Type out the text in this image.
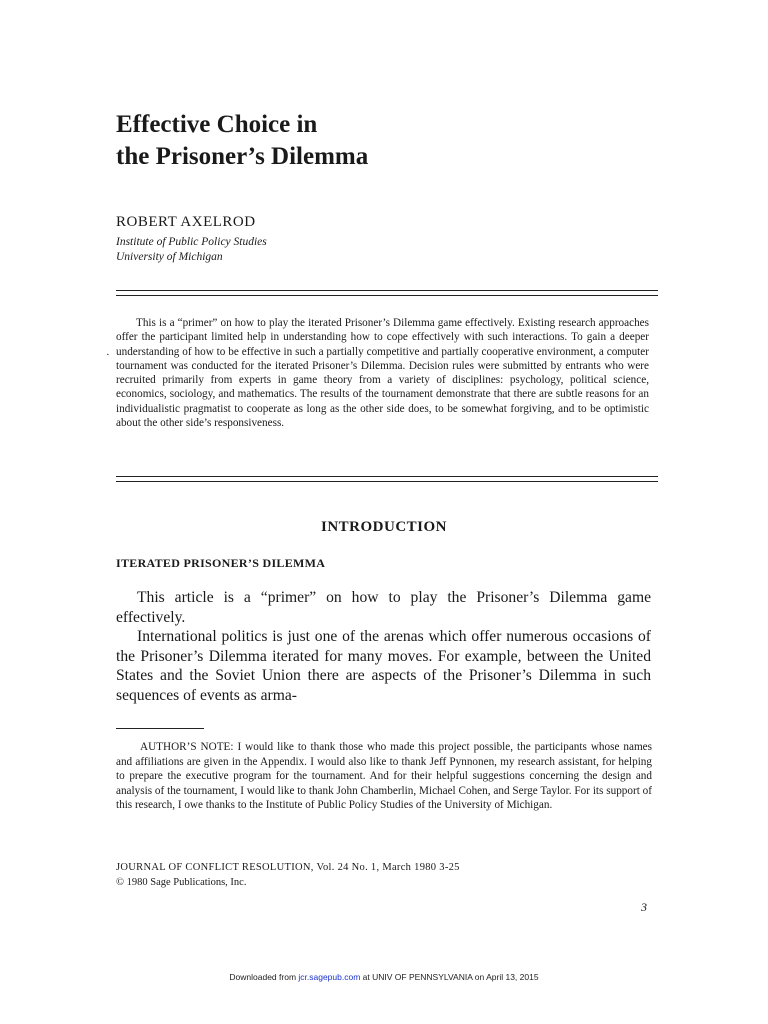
Effective Choice in
the Prisoner’s Dilemma
ROBERT AXELROD
Institute of Public Policy Studies
University of Michigan
·

This is a “primer” on how to play the iterated Prisoner’s Dilemma game effectively. Existing research approaches offer the participant limited help in understanding how to cope effectively with such interactions. To gain a deeper understanding of how to be effective in such a partially competitive and partially cooperative environment, a computer tournament was conducted for the iterated Prisoner’s Dilemma. Decision rules were submitted by entrants who were recruited primarily from experts in game theory from a variety of disciplines: psychology, political science, economics, sociology, and mathematics. The results of the tournament demonstrate that there are subtle reasons for an individualistic pragmatist to cooperate as long as the other side does, to be somewhat forgiving, and to be optimistic about the other side’s responsiveness.

INTRODUCTION
ITERATED PRISONER’S DILEMMA

This article is a “primer” on how to play the Prisoner’s Dilemma game effectively.

International politics is just one of the arenas which offer numerous occasions of the Prisoner’s Dilemma iterated for many moves. For example, between the United States and the Soviet Union there are aspects of the Prisoner’s Dilemma in such sequences of events as arma-

AUTHOR’S NOTE: I would like to thank those who made this project possible, the participants whose names and affiliations are given in the Appendix. I would also like to thank Jeff Pynnonen, my research assistant, for helping to prepare the executive program for the tournament. And for their helpful suggestions concerning the design and analysis of the tournament, I would like to thank John Chamberlin, Michael Cohen, and Serge Taylor. For its support of this research, I owe thanks to the Institute of Public Policy Studies of the University of Michigan.

JOURNAL OF CONFLICT RESOLUTION, Vol. 24 No. 1, March 1980 3-25
© 1980 Sage Publications, Inc.
3
Downloaded from jcr.sagepub.com at UNIV OF PENNSYLVANIA on April 13, 2015
